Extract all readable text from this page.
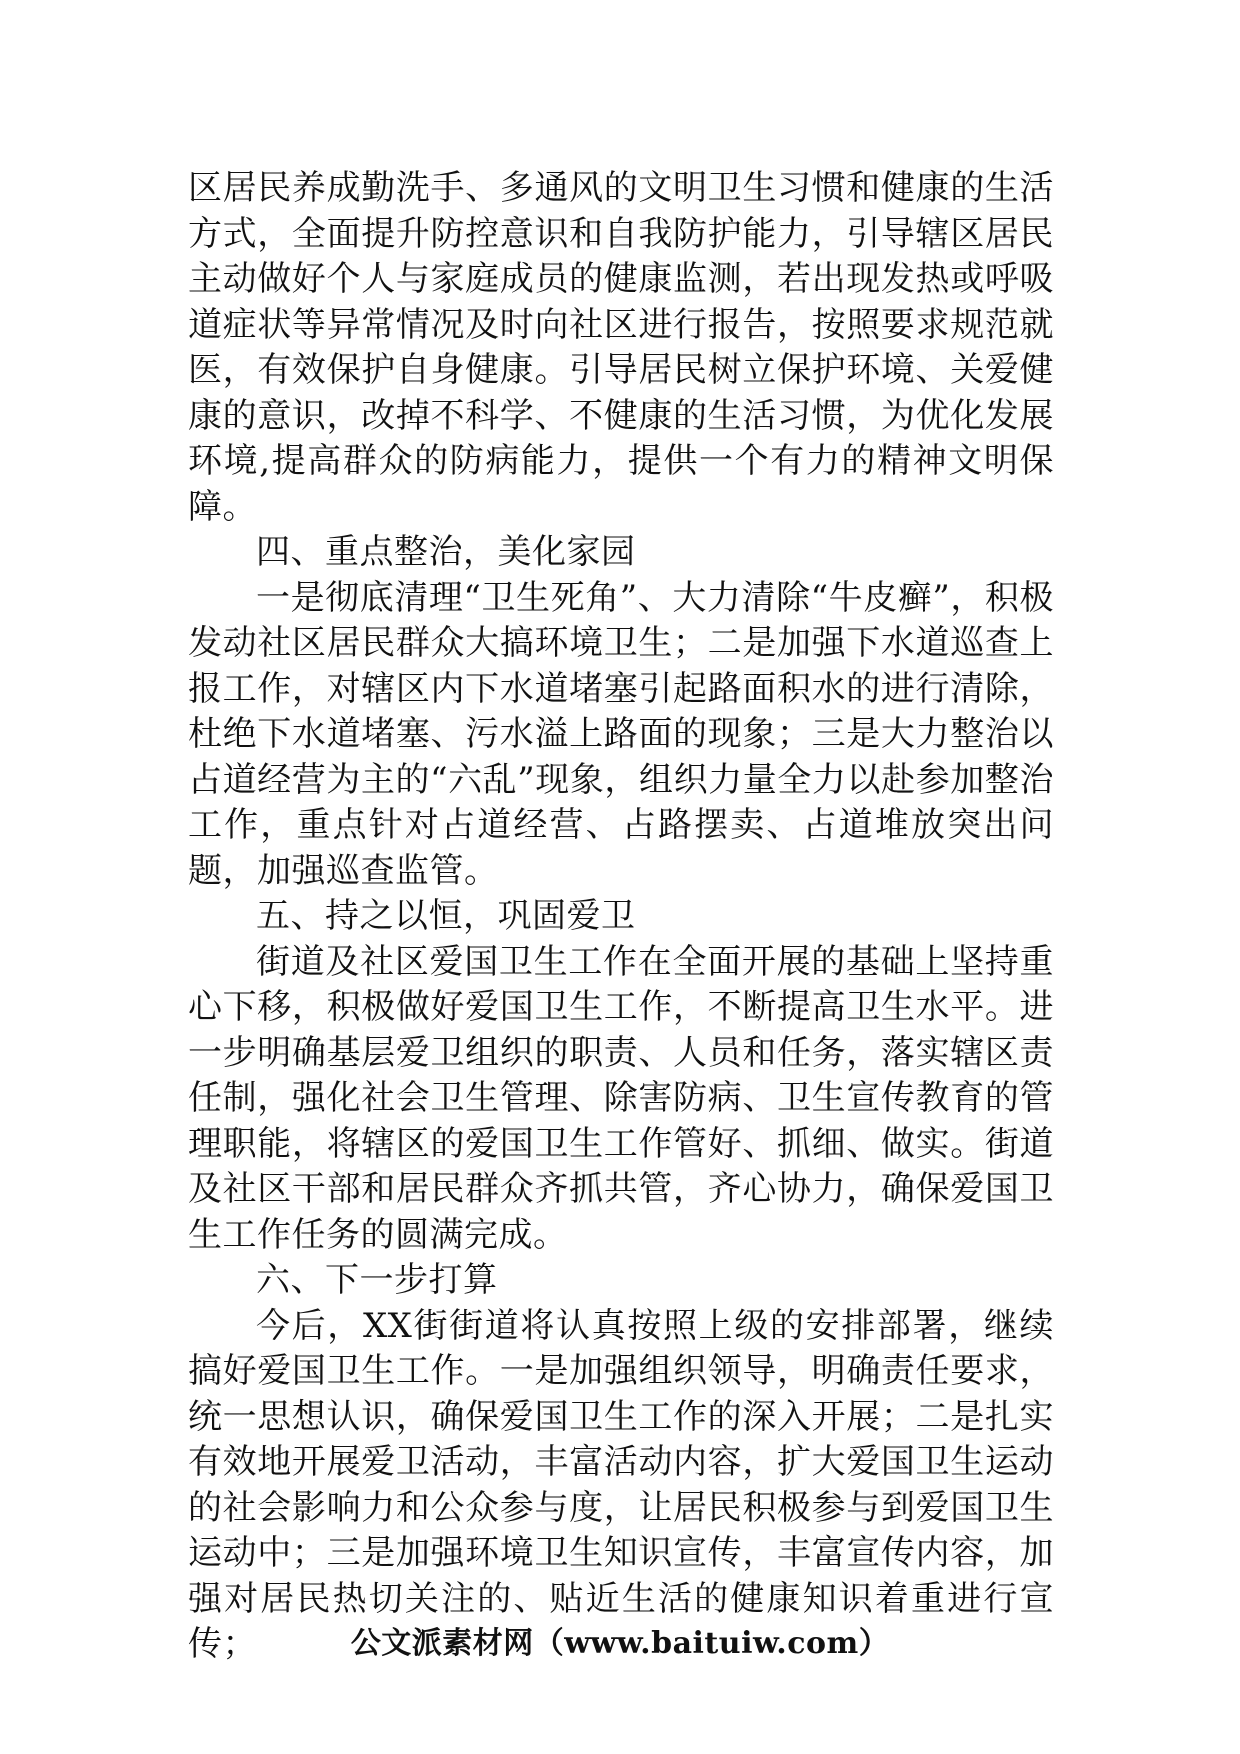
区居民养成勤洗手、多通风的文明卫生习惯和健康的生活方式，全面提升防控意识和自我防护能力，引导辖区居民主动做好个人与家庭成员的健康监测，若出现发热或呼吸道症状等异常情况及时向社区进行报告，按照要求规范就医，有效保护自身健康。引导居民树立保护环境、关爱健康的意识，改掉不科学、不健康的生活习惯，为优化发展环境,提高群众的防病能力，提供一个有力的精神文明保障。

四、重点整治，美化家园

一是彻底清理“卫生死角”、大力清除“牛皮癣”，积极发动社区居民群众大搞环境卫生；二是加强下水道巡查上报工作，对辖区内下水道堵塞引起路面积水的进行清除，杜绝下水道堵塞、污水溢上路面的现象；三是大力整治以占道经营为主的“六乱”现象，组织力量全力以赴参加整治工作，重点针对占道经营、占路摆卖、占道堆放突出问题，加强巡查监管。

五、持之以恒，巩固爱卫

街道及社区爱国卫生工作在全面开展的基础上坚持重心下移，积极做好爱国卫生工作，不断提高卫生水平。进一步明确基层爱卫组织的职责、人员和任务，落实辖区责任制，强化社会卫生管理、除害防病、卫生宣传教育的管理职能，将辖区的爱国卫生工作管好、抓细、做实。街道及社区干部和居民群众齐抓共管，齐心协力，确保爱国卫生工作任务的圆满完成。

六、下一步打算

今后，XX街街道将认真按照上级的安排部署，继续搞好爱国卫生工作。一是加强组织领导，明确责任要求，统一思想认识，确保爱国卫生工作的深入开展；二是扎实有效地开展爱卫活动，丰富活动内容，扩大爱国卫生运动的社会影响力和公众参与度，让居民积极参与到爱国卫生运动中；三是加强环境卫生知识宣传，丰富宣传内容，加强对居民热切关注的、贴近生活的健康知识着重进行宣传；	公文派素材网（www.baituiw.com）
